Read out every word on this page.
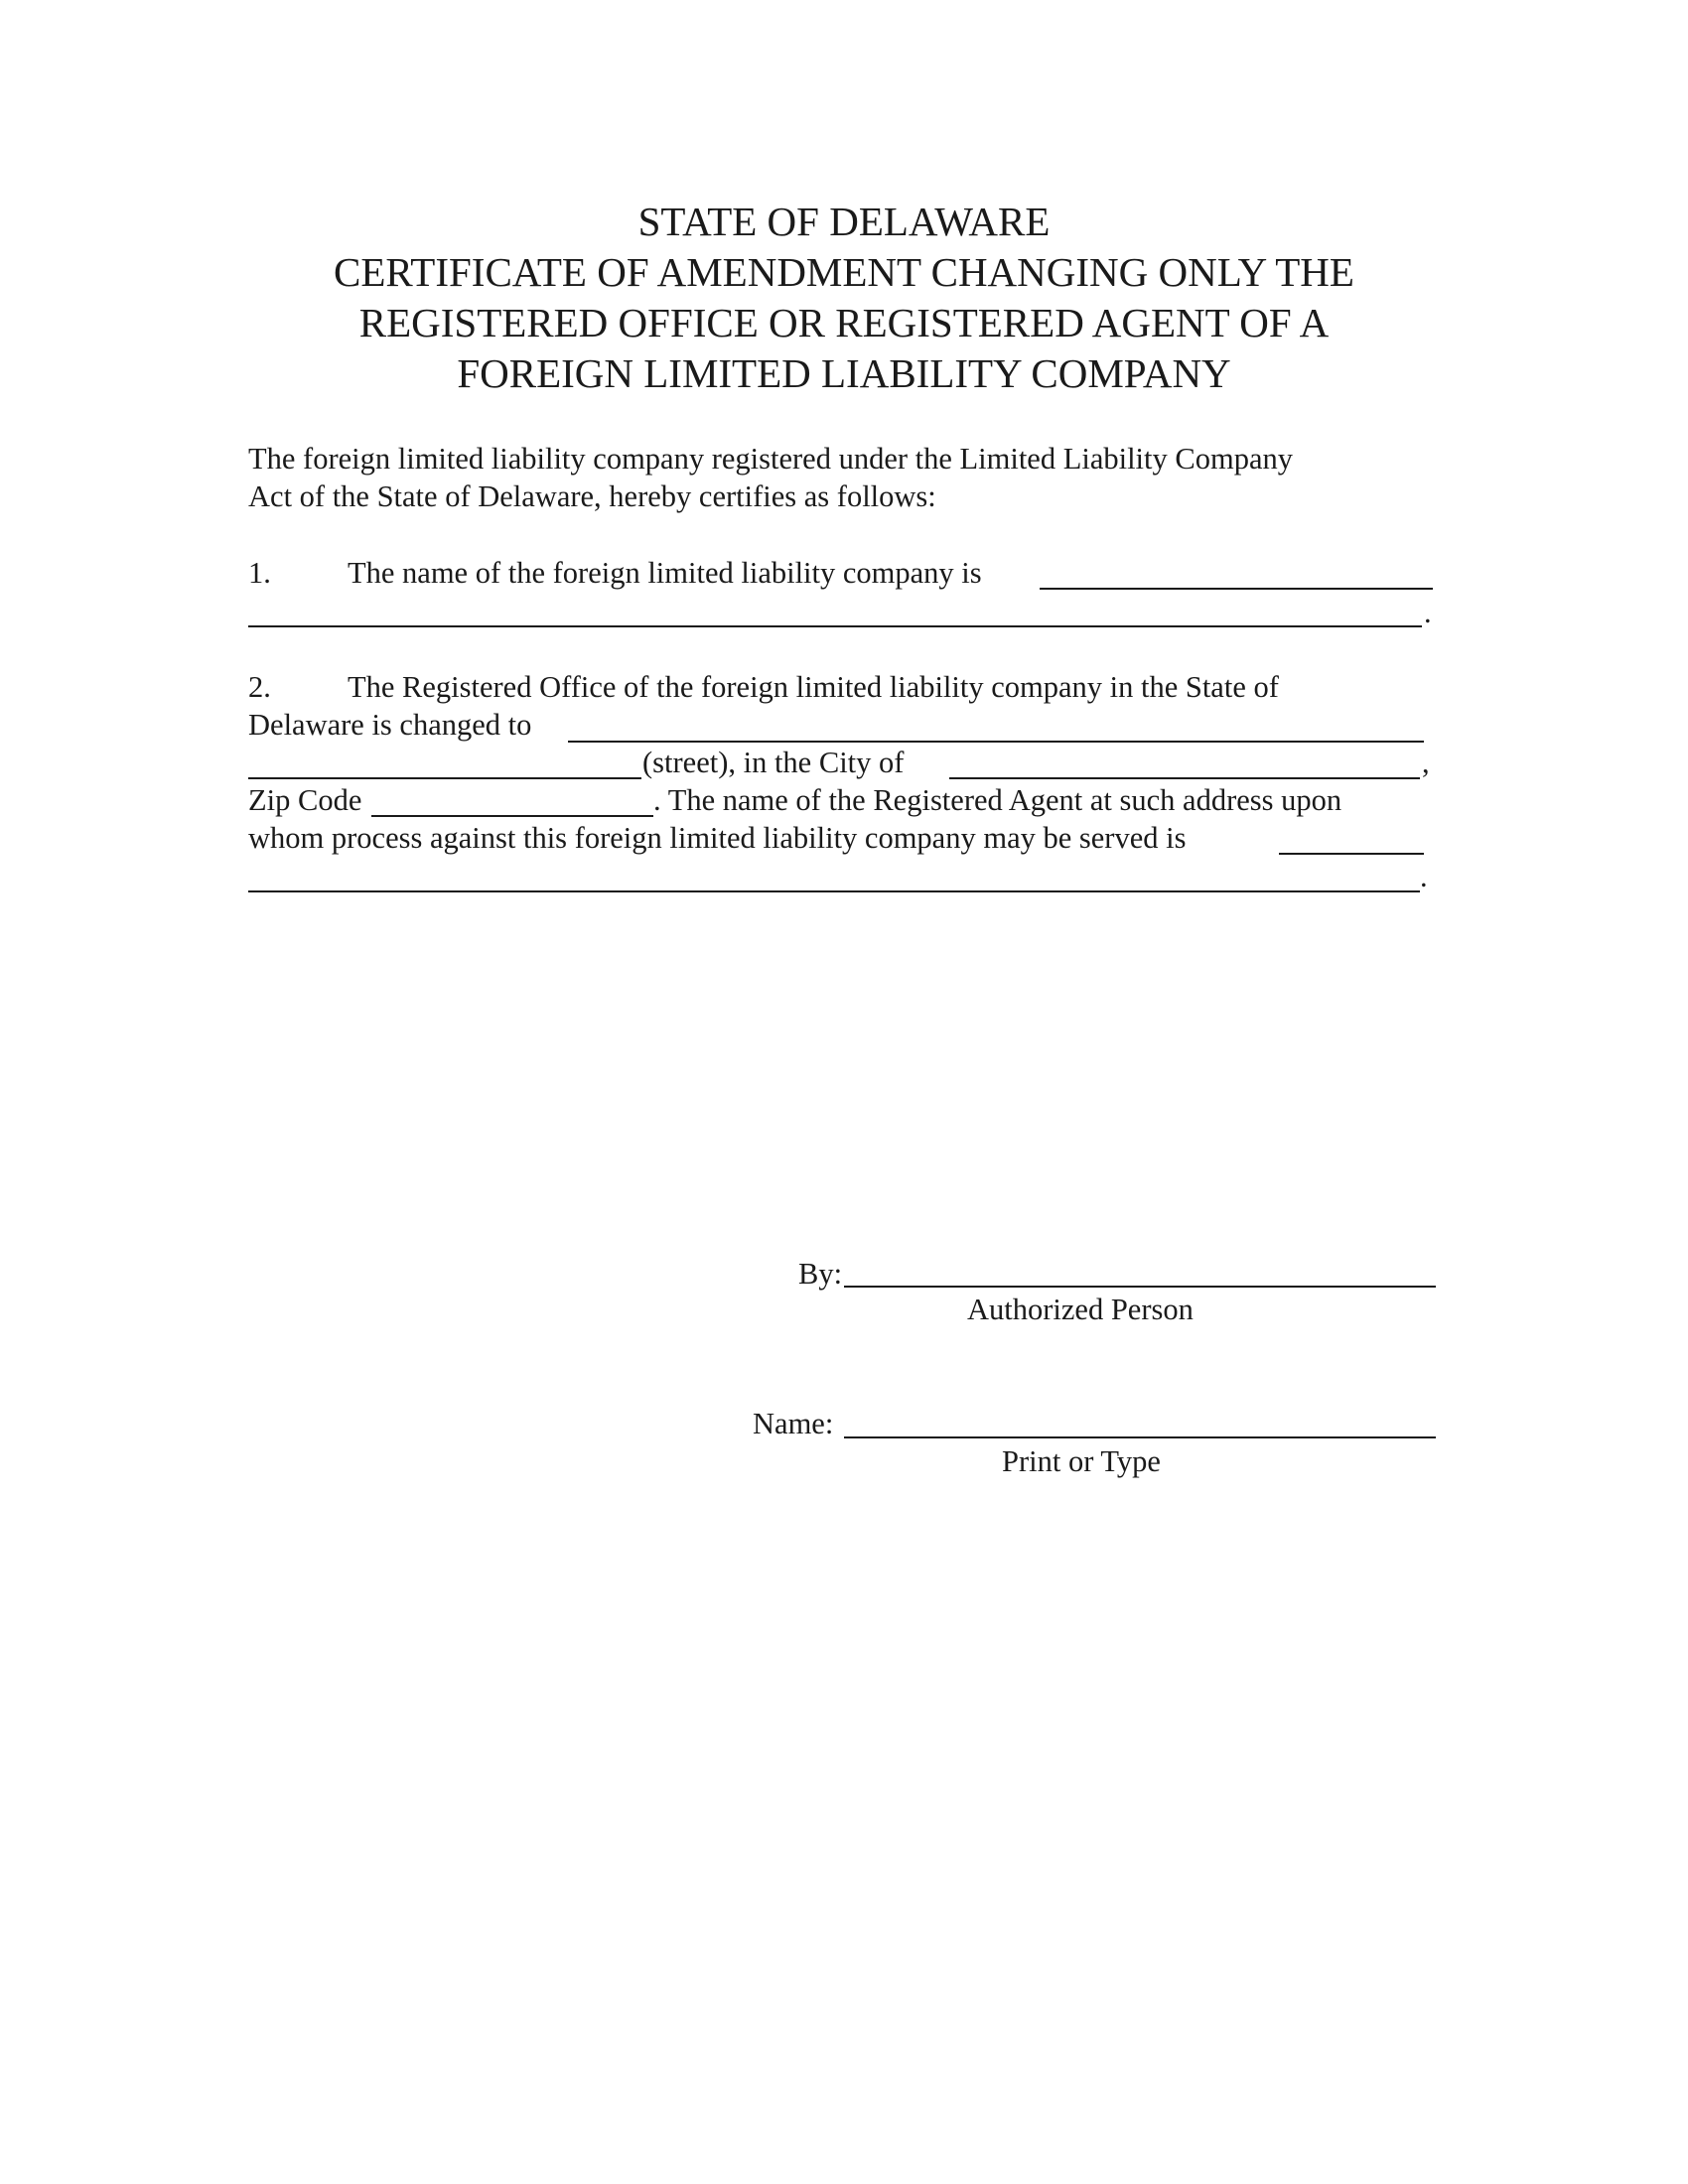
STATE OF DELAWARE
CERTIFICATE OF AMENDMENT CHANGING ONLY THE
REGISTERED OFFICE OR REGISTERED AGENT OF A
FOREIGN LIMITED LIABILITY COMPANY
The foreign limited liability company registered under the Limited Liability Company
Act of the State of Delaware, hereby certifies as follows:
1.	The name of the foreign limited liability company is
.
2.	The Registered Office of the foreign limited liability company in the State of
Delaware is changed to
(street), in the City of	,
Zip Code	. The name of the Registered Agent at such address upon
whom process against this foreign limited liability company may be served is
.
By:
Authorized Person
Name:
Print or Type
